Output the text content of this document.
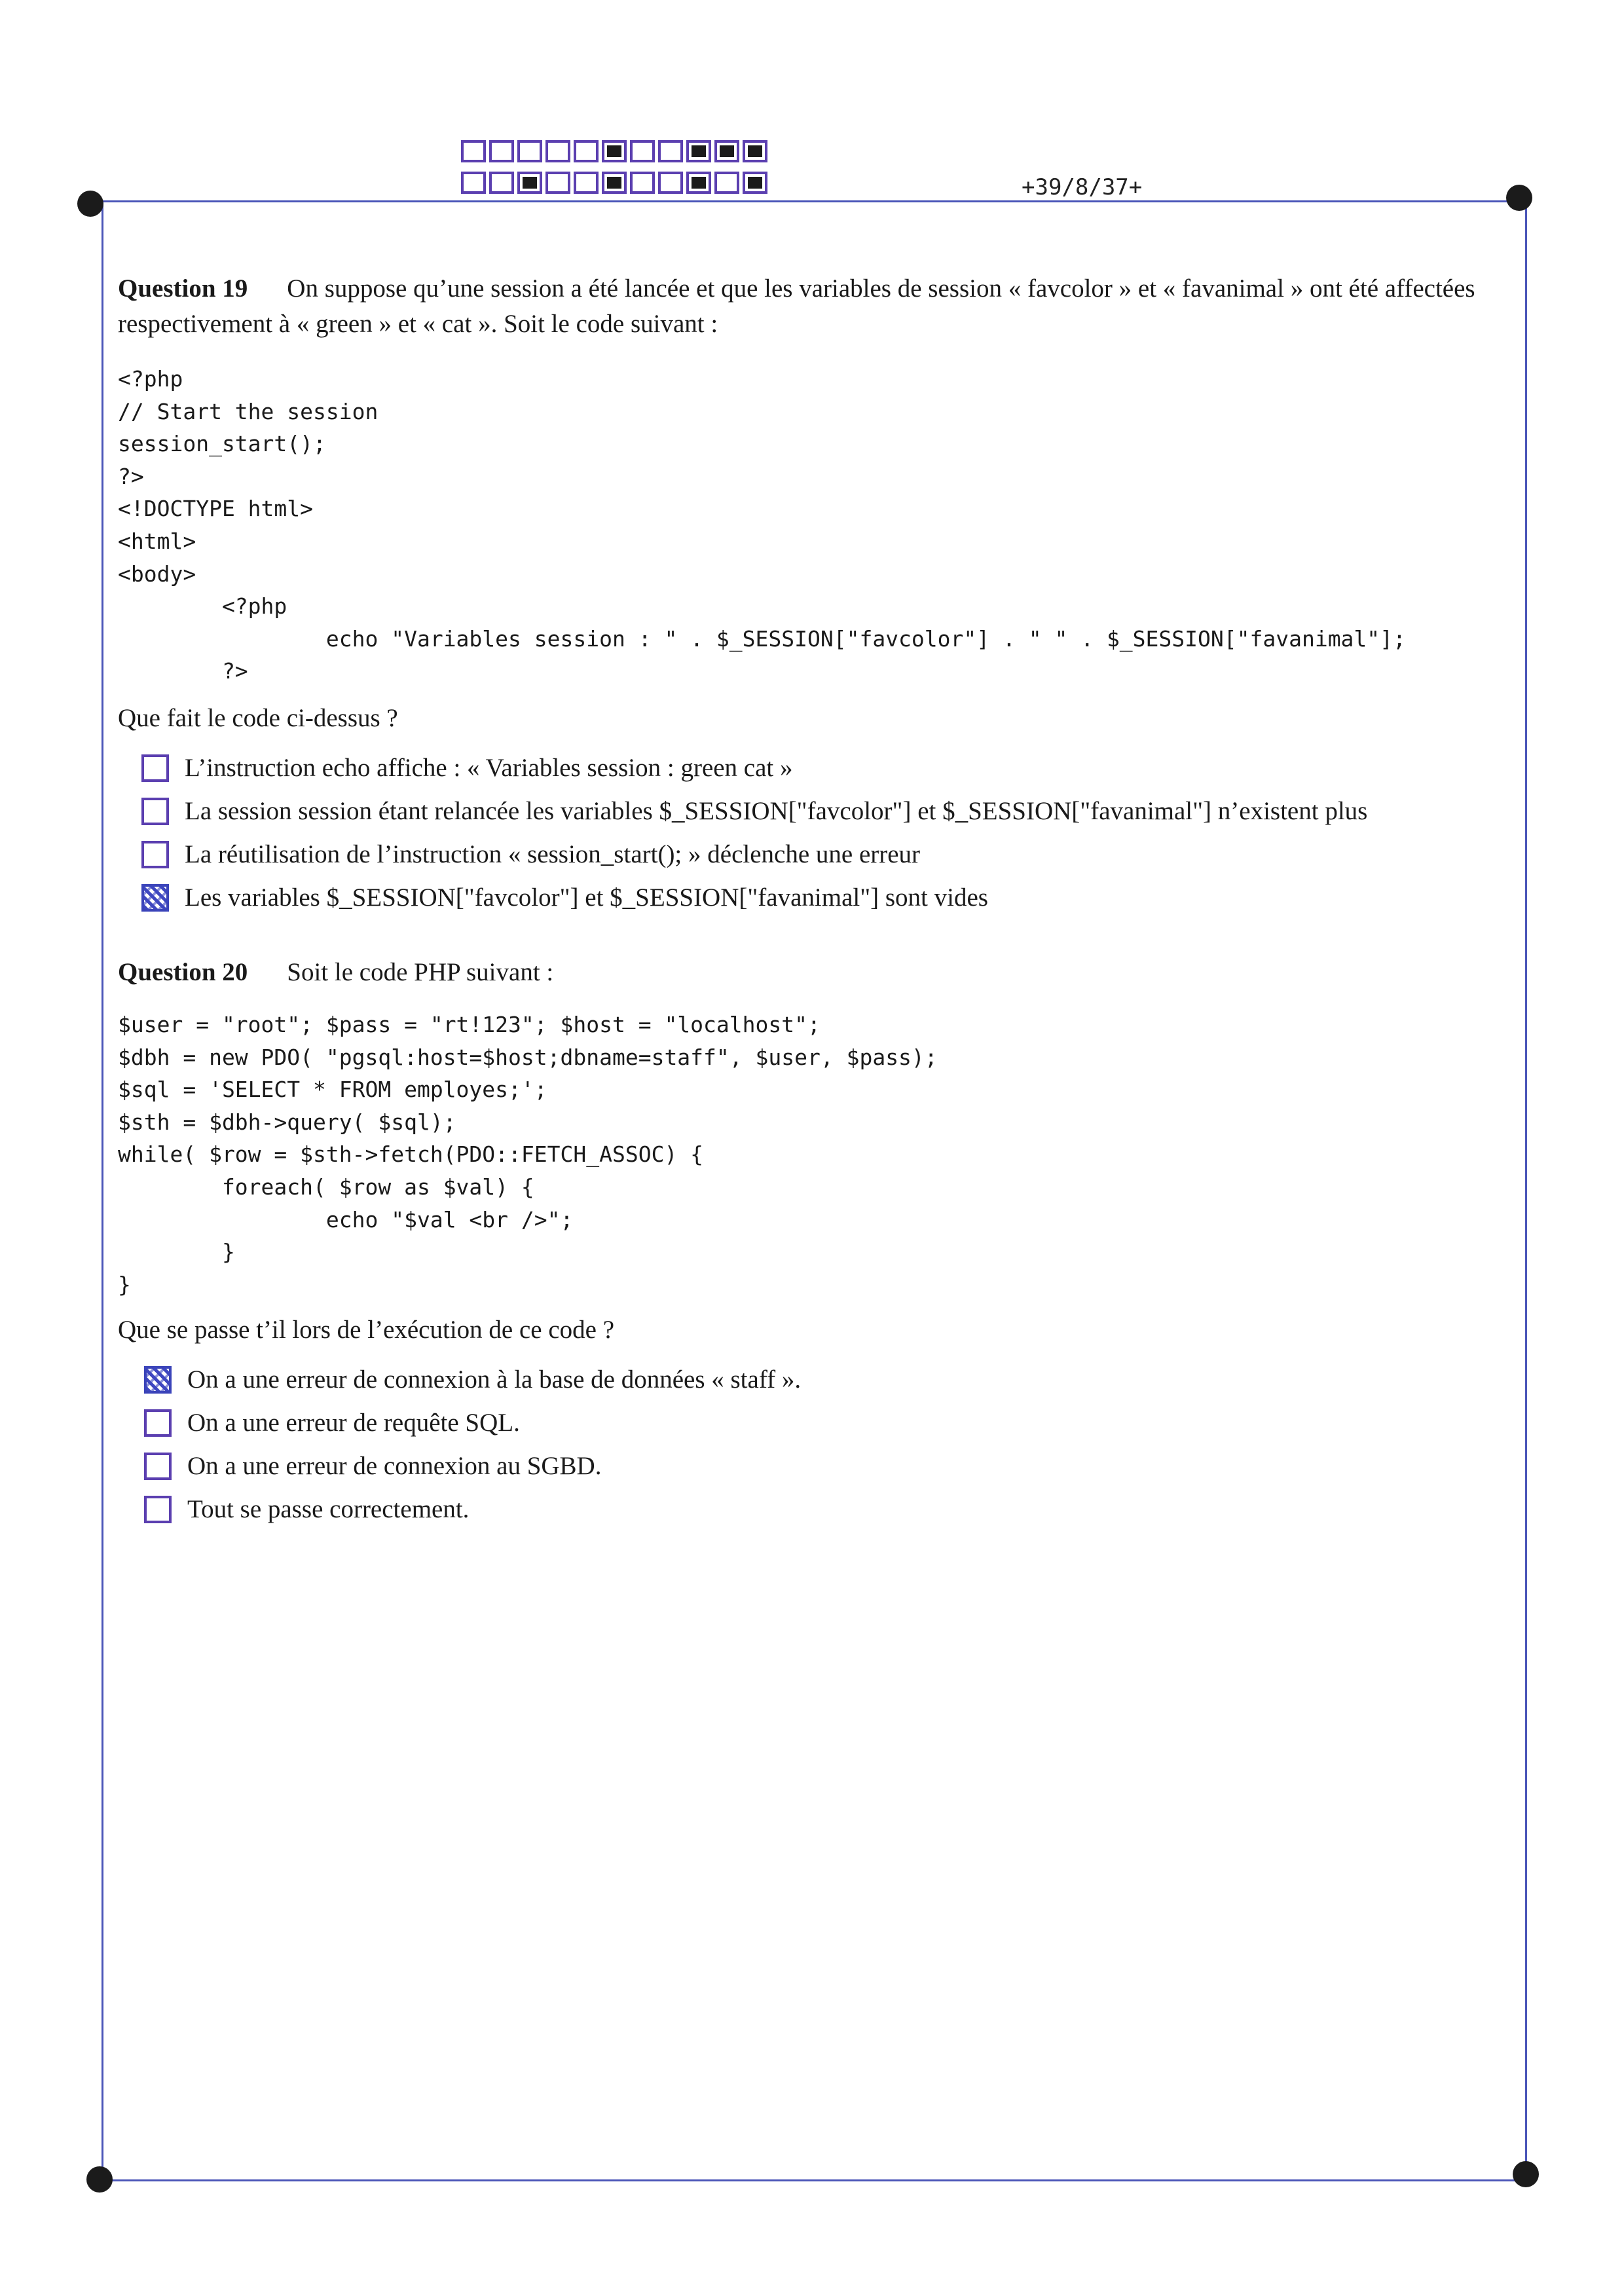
+39/8/37+
Question 19 On suppose qu’une session a été lancée et que les variables de session « favcolor » et « favanimal » ont été affectées respectivement à « green » et « cat ». Soit le code suivant :
<?php
// Start the session
session_start();
?>
<!DOCTYPE html>
<html>
<body>
<?php
echo "Variables session : " . $_SESSION["favcolor"] . " " . $_SESSION["favanimal"];
?>

Que fait le code ci-dessus ?

L’instruction echo affiche : « Variables session : green cat »
La session session étant relancée les variables $_SESSION["favcolor"] et $_SESSION["favanimal"] n’existent plus
La réutilisation de l’instruction « session_start(); » déclenche une erreur
Les variables $_SESSION["favcolor"] et $_SESSION["favanimal"] sont vides
Question 20 Soit le code PHP suivant :
$user = "root"; $pass = "rt!123"; $host = "localhost";
$dbh = new PDO( "pgsql:host=$host;dbname=staff", $user, $pass);
$sql = 'SELECT * FROM employes;';
$sth = $dbh->query( $sql);
while( $row = $sth->fetch(PDO::FETCH_ASSOC) {
foreach( $row as $val) {
echo "$val <br />";
}
}

Que se passe t’il lors de l’exécution de ce code ?

On a une erreur de connexion à la base de données « staff ».
On a une erreur de requête SQL.
On a une erreur de connexion au SGBD.
Tout se passe correctement.
